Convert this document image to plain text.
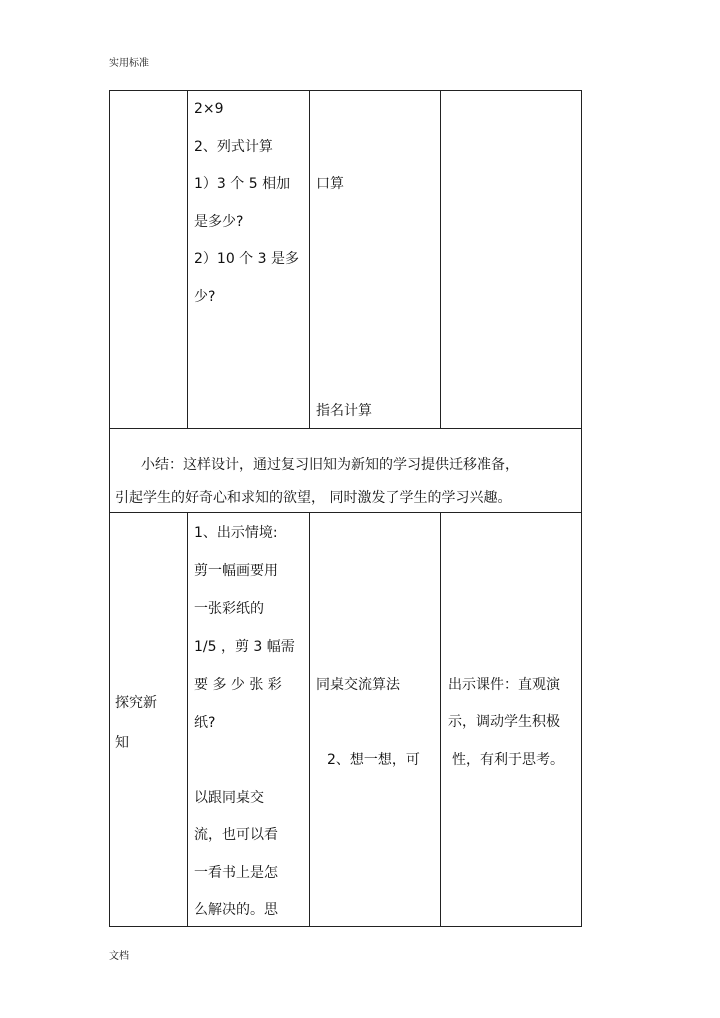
实用标准
2×9
2、列式计算
1）3 个 5 相加
是多少?
2）10 个 3 是多
少?
口算
指名计算
小结：这样设计，通过复习旧知为新知的学习提供迁移准备，
引起学生的好奇心和求知的欲望， 同时激发了学生的学习兴趣。
探究新
知
1、出示情境:
剪一幅画要用
一张彩纸的
1/5 ，剪 3 幅需
要 多 少 张 彩
纸?
以跟同桌交
流，也可以看
一看书上是怎
么解决的。思
同桌交流算法
2、想一想，可
出示课件：直观演
示，调动学生积极
性，有利于思考。
文档
